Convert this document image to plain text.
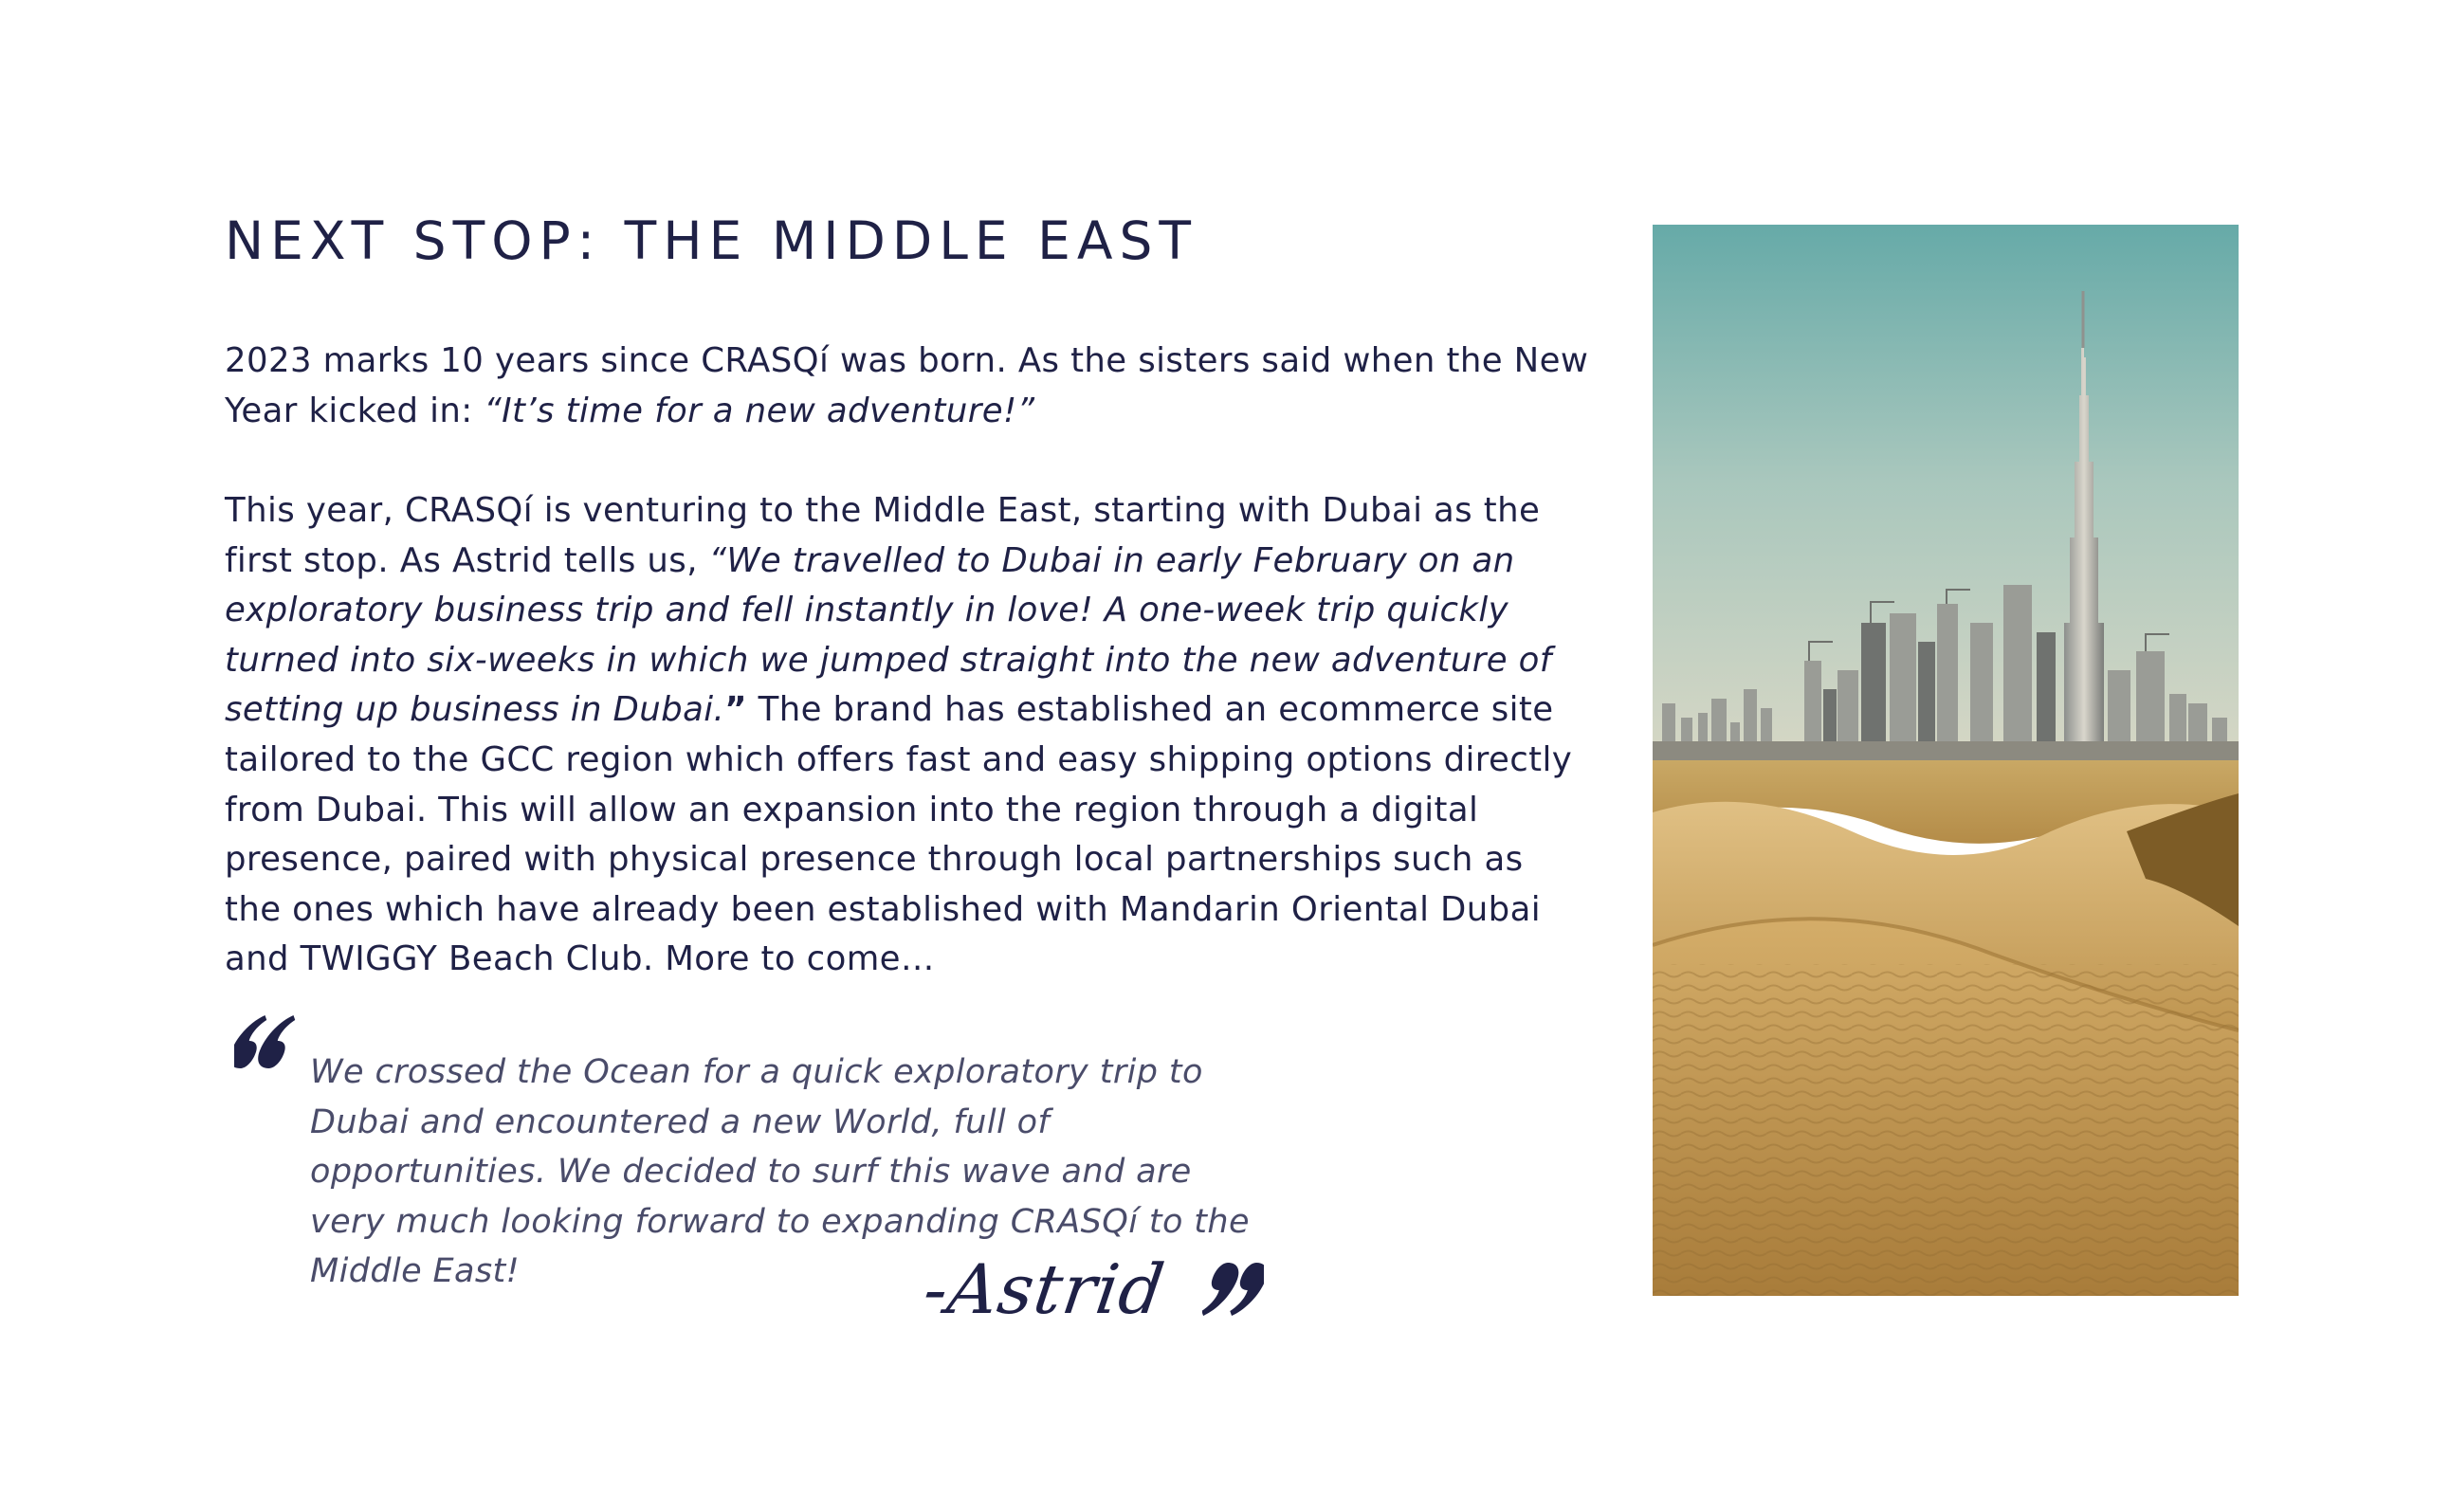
NEXT STOP: THE MIDDLE EAST

2023 marks 10 years since CRASQí was born. As the sisters said when the New Year kicked in: “It’s time for a new adventure!”

This year, CRASQí is venturing to the Middle East, starting with Dubai as the first stop. As Astrid tells us, “We travelled to Dubai in early February on an exploratory business trip and fell instantly in love! A one-week trip quickly turned into six-weeks in which we jumped straight into the new adventure of setting up business in Dubai.” The brand has established an ecommerce site tailored to the GCC region which offers fast and easy shipping options directly from Dubai. This will allow an expansion into the region through a digital presence, paired with physical presence through local partnerships such as the ones which have already been established with Mandarin Oriental Dubai and TWIGGY Beach Club. More to come…

We crossed the Ocean for a quick exploratory trip to Dubai and encountered a new World, full of opportunities. We decided to surf this wave and are very much looking forward to expanding CRASQí to the Middle East!	-Astrid
